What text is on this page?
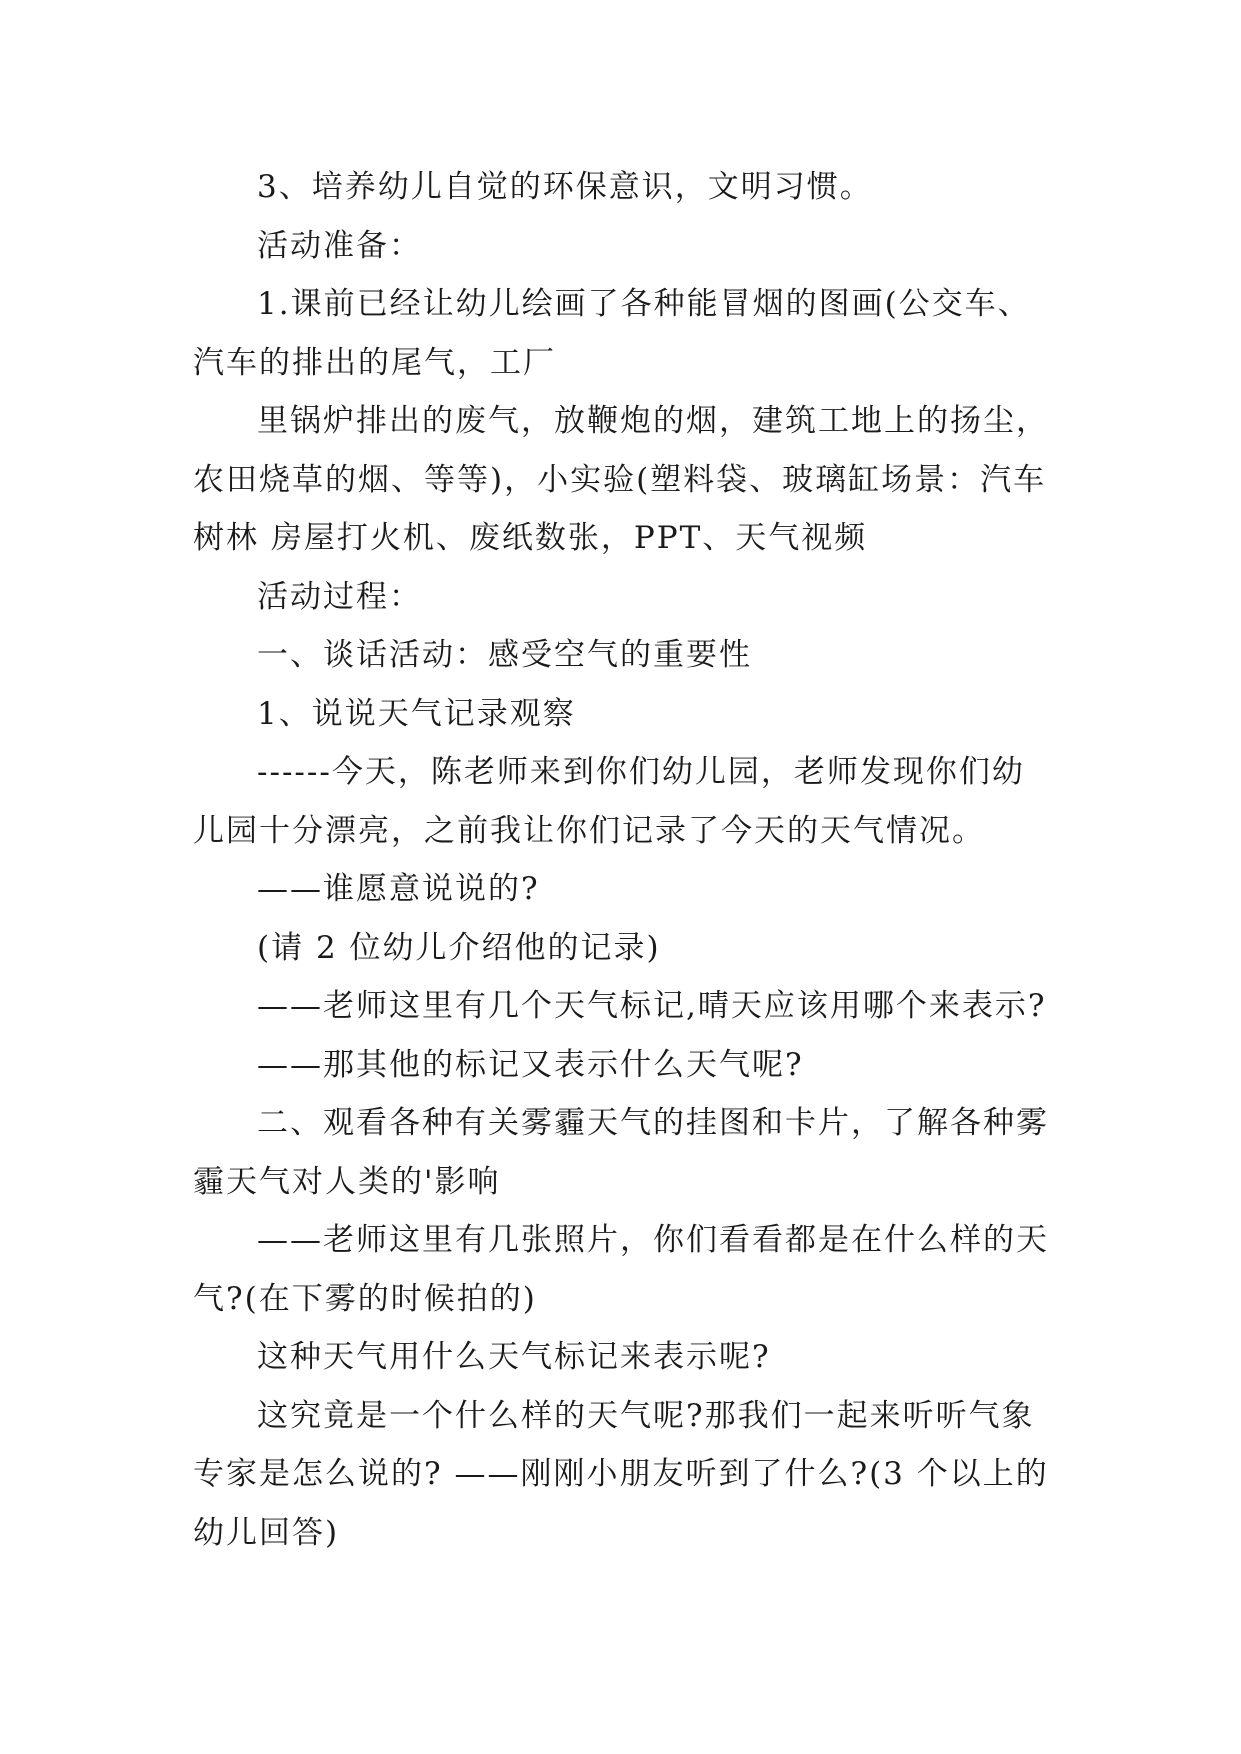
3、培养幼儿自觉的环保意识，文明习惯。
活动准备：
1.课前已经让幼儿绘画了各种能冒烟的图画(公交车、
汽车的排出的尾气，工厂
里锅炉排出的废气，放鞭炮的烟，建筑工地上的扬尘，
农田烧草的烟、等等)，小实验(塑料袋、玻璃缸场景：汽车
树林 房屋打火机、废纸数张，PPT、天气视频
活动过程：
一、谈话活动：感受空气的重要性
1、说说天气记录观察
------今天，陈老师来到你们幼儿园，老师发现你们幼
儿园十分漂亮，之前我让你们记录了今天的天气情况。
——谁愿意说说的?
(请 2 位幼儿介绍他的记录)
——老师这里有几个天气标记,晴天应该用哪个来表示?
——那其他的标记又表示什么天气呢?
二、观看各种有关雾霾天气的挂图和卡片，了解各种雾
霾天气对人类的'影响
——老师这里有几张照片，你们看看都是在什么样的天
气?(在下雾的时候拍的)
这种天气用什么天气标记来表示呢?
这究竟是一个什么样的天气呢?那我们一起来听听气象
专家是怎么说的? ——刚刚小朋友听到了什么?(3 个以上的
幼儿回答)
